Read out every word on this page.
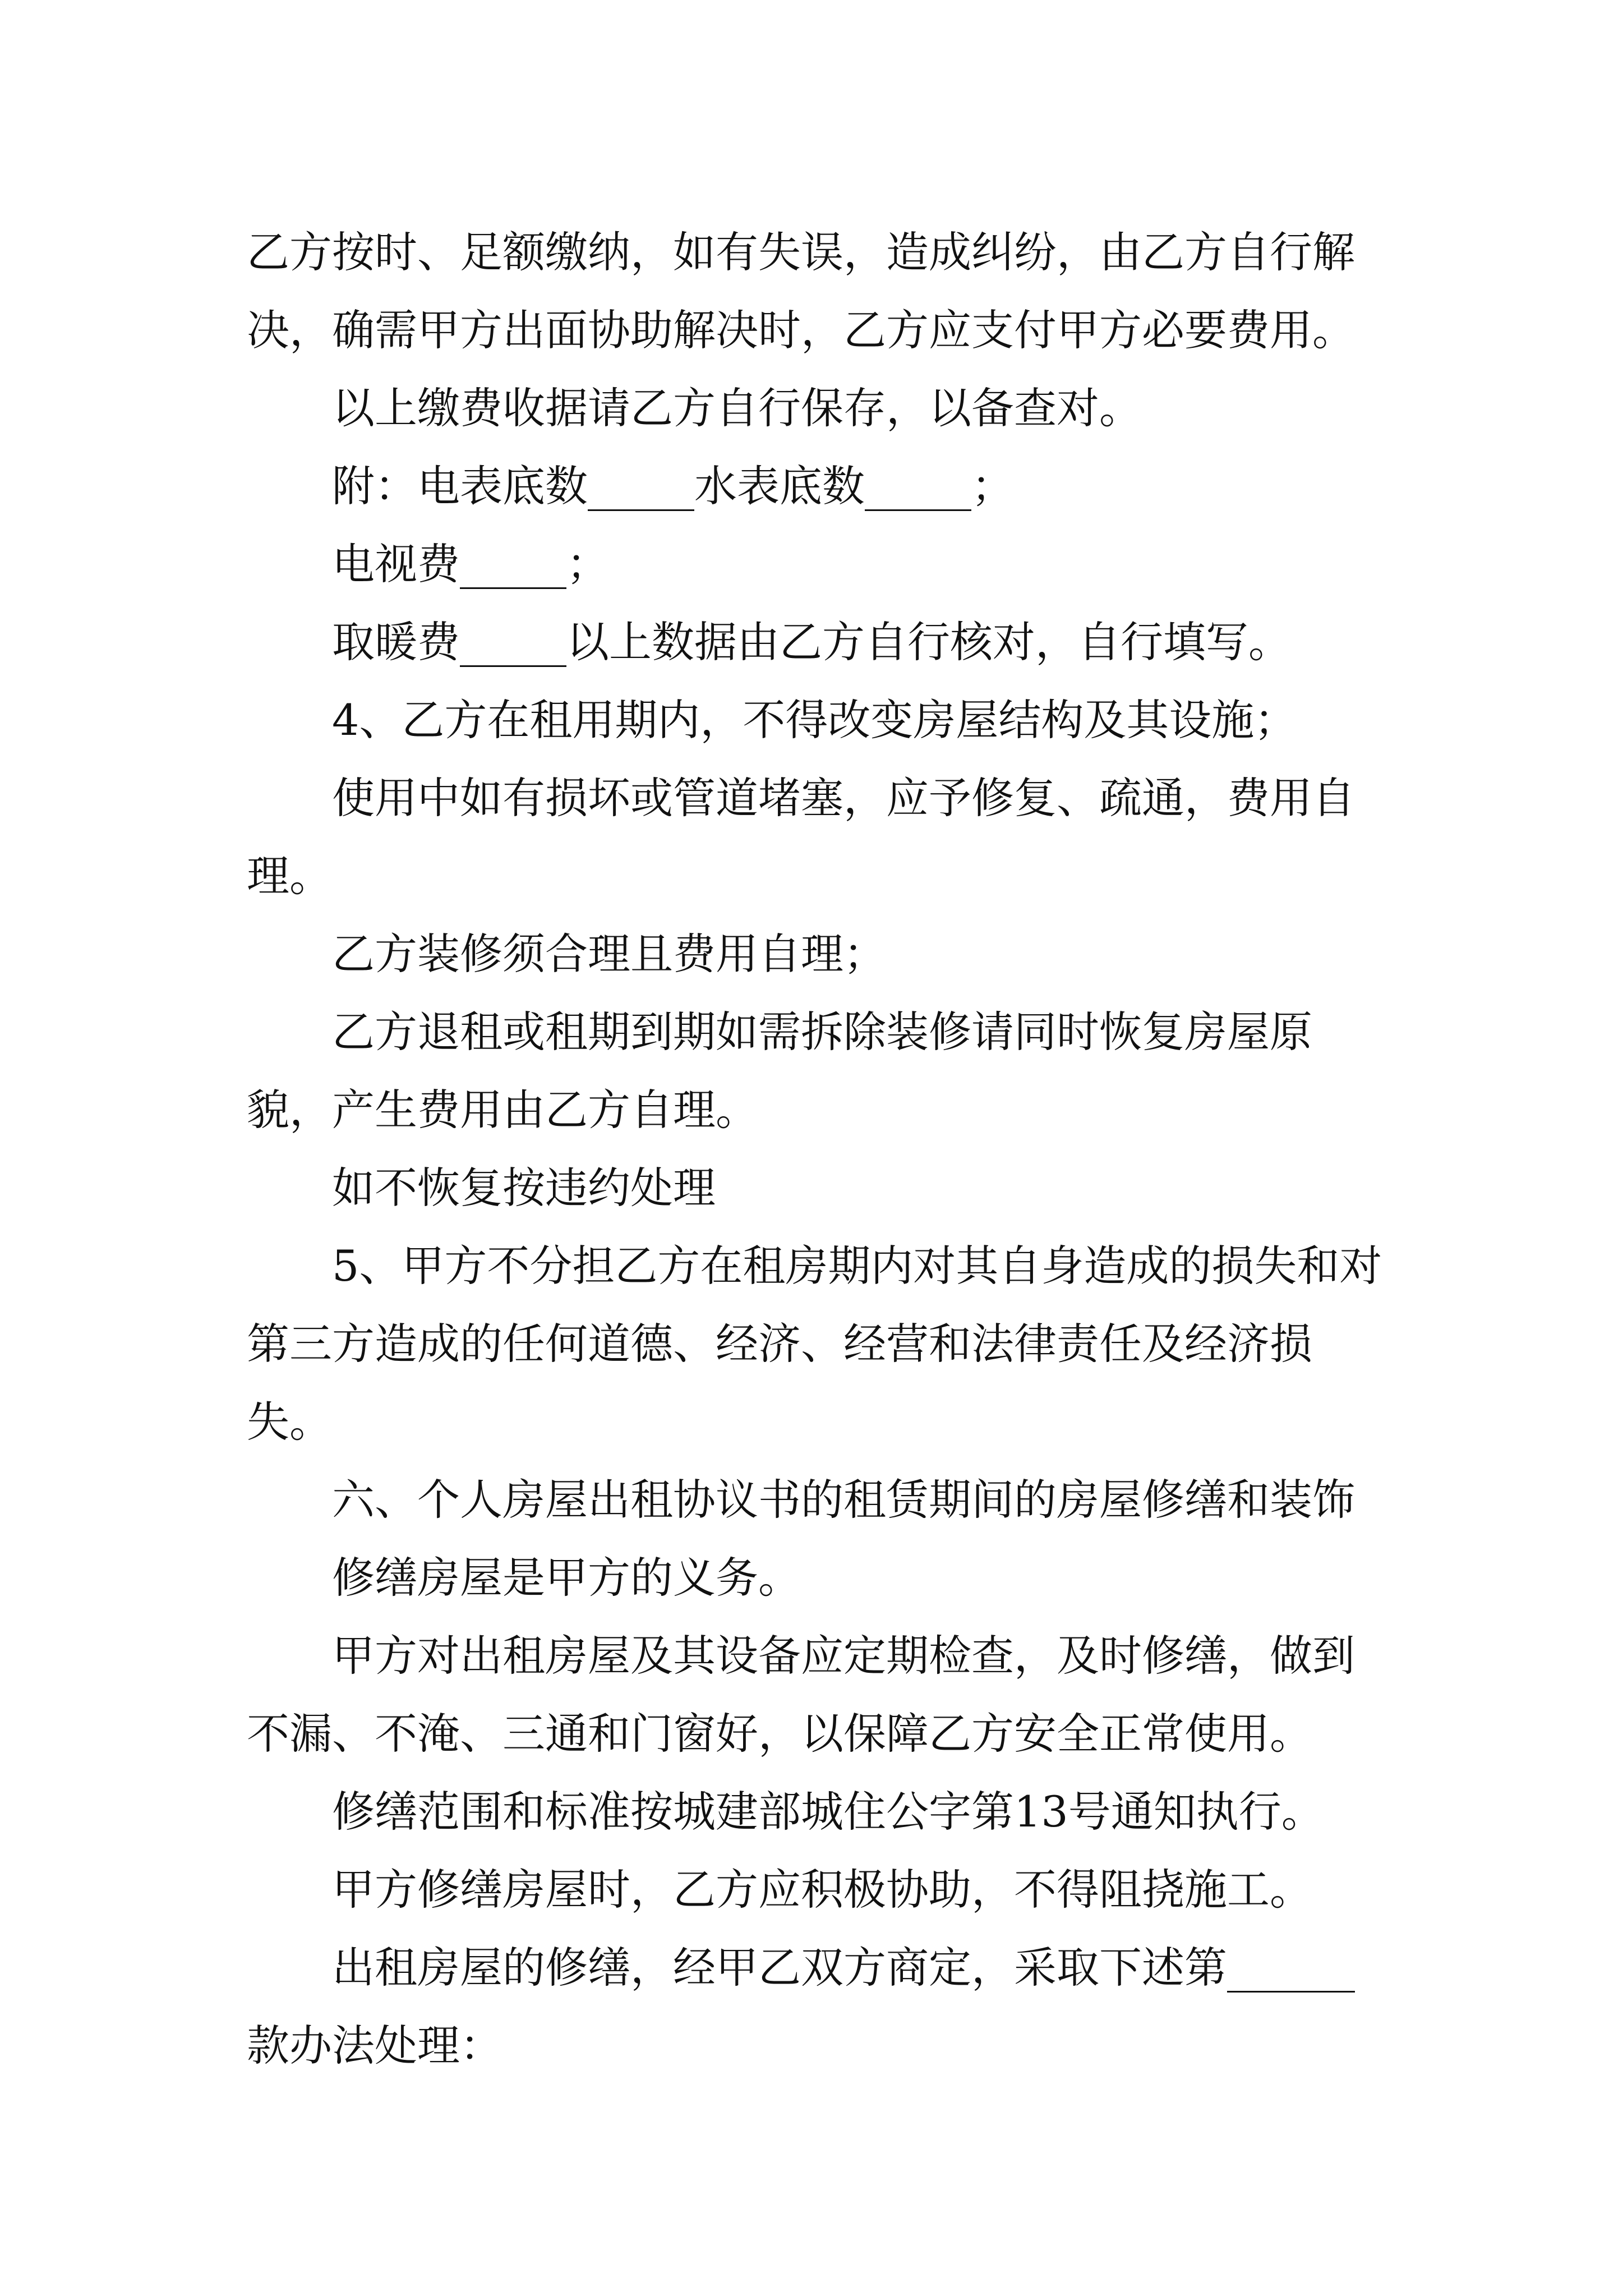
乙方按时、足额缴纳，如有失误，造成纠纷，由乙方自行解决，确需甲方出面协助解决时，乙方应支付甲方必要费用。

以上缴费收据请乙方自行保存，以备查对。

附：电表底数_____水表底数_____；

电视费_____；

取暖费_____以上数据由乙方自行核对，自行填写。

4、乙方在租用期内，不得改变房屋结构及其设施；

使用中如有损坏或管道堵塞，应予修复、疏通，费用自理。

乙方装修须合理且费用自理；

乙方退租或租期到期如需拆除装修请同时恢复房屋原貌，产生费用由乙方自理。

如不恢复按违约处理

5、甲方不分担乙方在租房期内对其自身造成的损失和对第三方造成的任何道德、经济、经营和法律责任及经济损失。

六、个人房屋出租协议书的租赁期间的房屋修缮和装饰

修缮房屋是甲方的义务。

甲方对出租房屋及其设备应定期检查，及时修缮，做到不漏、不淹、三通和门窗好，以保障乙方安全正常使用。

修缮范围和标准按城建部城住公字第13号通知执行。

甲方修缮房屋时，乙方应积极协助，不得阻挠施工。

出租房屋的修缮，经甲乙双方商定，采取下述第______款办法处理：
